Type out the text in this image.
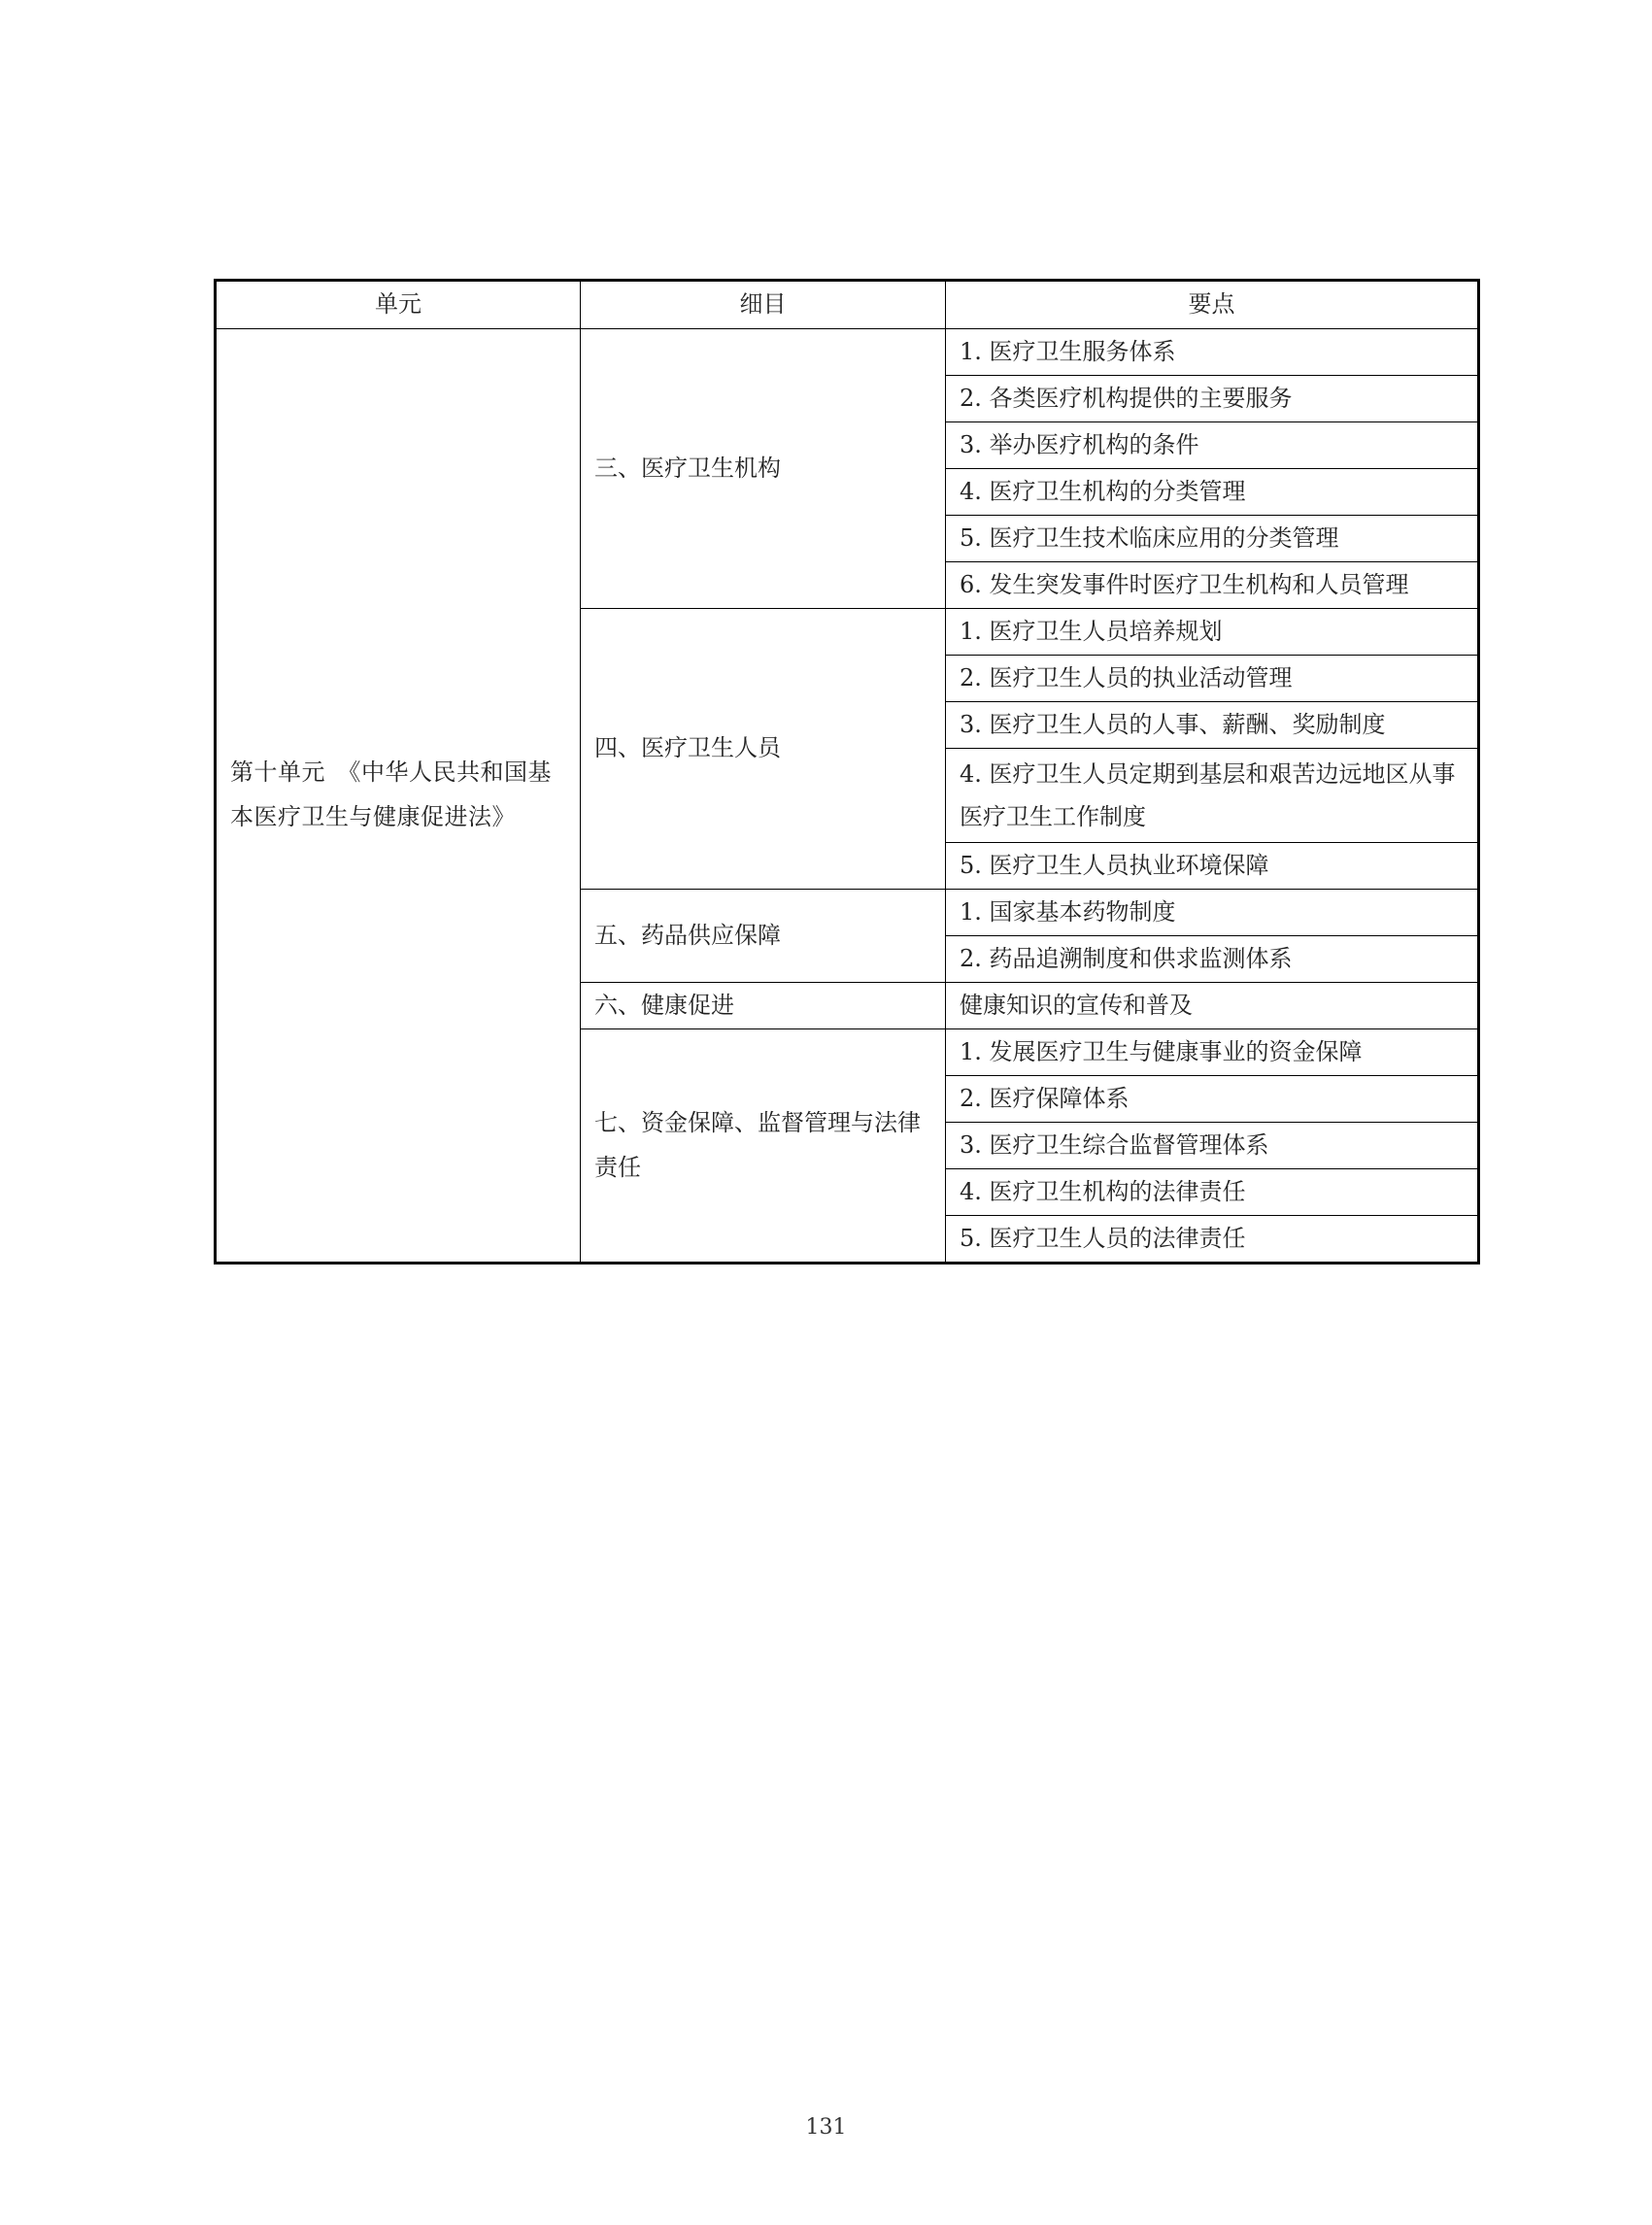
单元	细目	要点
第十单元　《中华人民共和国基本医疗卫生与健康促进法》	三、医疗卫生机构	1. 医疗卫生服务体系
		2. 各类医疗机构提供的主要服务
		3. 举办医疗机构的条件
		4. 医疗卫生机构的分类管理
		5. 医疗卫生技术临床应用的分类管理
		6. 发生突发事件时医疗卫生机构和人员管理
	四、医疗卫生人员	1. 医疗卫生人员培养规划
		2. 医疗卫生人员的执业活动管理
		3. 医疗卫生人员的人事、薪酬、奖励制度
		4. 医疗卫生人员定期到基层和艰苦边远地区从事医疗卫生工作制度
		5. 医疗卫生人员执业环境保障
	五、药品供应保障	1. 国家基本药物制度
		2. 药品追溯制度和供求监测体系
	六、健康促进	健康知识的宣传和普及
	七、资金保障、监督管理与法律责任	1. 发展医疗卫生与健康事业的资金保障
		2. 医疗保障体系
		3. 医疗卫生综合监督管理体系
		4. 医疗卫生机构的法律责任
		5. 医疗卫生人员的法律责任
131
